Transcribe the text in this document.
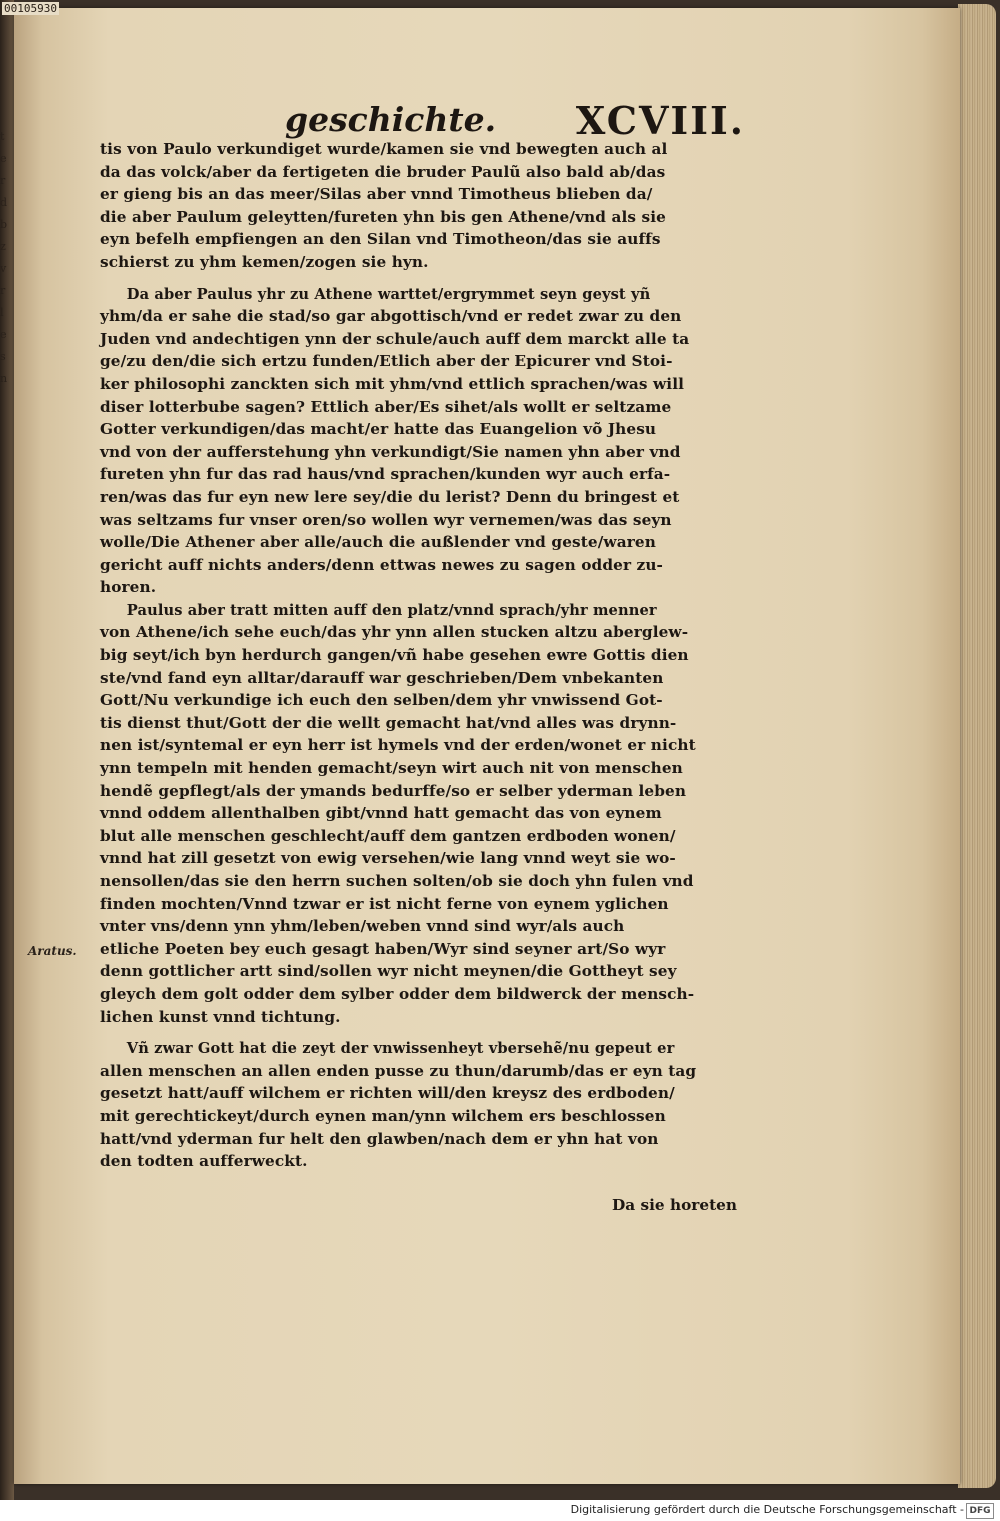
t
e
r
d
b
z
v
r
l
e
s
n
00105930
geschichte. XCVIII.
tis von Paulo verkundiget wurde/kamen sie vnd bewegten auch al
da das volck/aber da fertigeten die bruder Paulũ also bald ab/das
er gieng bis an das meer/Silas aber vnnd Timotheus blieben da/
die aber Paulum geleytten/fureten yhn bis gen Athene/vnd als sie
eyn befelh empfiengen an den Silan vnd Timotheon/das sie auffs
schierst zu yhm kemen/zogen sie hyn.
Da aber Paulus yhr zu Athene warttet/ergrymmet seyn geyst yñ
yhm/da er sahe die stad/so gar abgottisch/vnd er redet zwar zu den
Juden vnd andechtigen ynn der schule/auch auff dem marckt alle ta
ge/zu den/die sich ertzu funden/Etlich aber der Epicurer vnd Stoi-
ker philosophi zanckten sich mit yhm/vnd ettlich sprachen/was will
diser lotterbube sagen? Ettlich aber/Es sihet/als wollt er seltzame
Gotter verkundigen/das macht/er hatte das Euangelion võ Jhesu
vnd von der aufferstehung yhn verkundigt/Sie namen yhn aber vnd
fureten yhn fur das rad haus/vnd sprachen/kunden wyr auch erfa-
ren/was das fur eyn new lere sey/die du lerist? Denn du bringest et
was seltzams fur vnser oren/so wollen wyr vernemen/was das seyn
wolle/Die Athener aber alle/auch die außlender vnd geste/waren
gericht auff nichts anders/denn ettwas newes zu sagen odder zu-
horen.
Paulus aber tratt mitten auff den platz/vnnd sprach/yhr menner
von Athene/ich sehe euch/das yhr ynn allen stucken altzu aberglew-
big seyt/ich byn herdurch gangen/vñ habe gesehen ewre Gottis dien
ste/vnd fand eyn alltar/darauff war geschrieben/Dem vnbekanten
Gott/Nu verkundige ich euch den selben/dem yhr vnwissend Got-
tis dienst thut/Gott der die wellt gemacht hat/vnd alles was drynn-
nen ist/syntemal er eyn herr ist hymels vnd der erden/wonet er nicht
ynn tempeln mit henden gemacht/seyn wirt auch nit von menschen
hendẽ gepflegt/als der ymands bedurffe/so er selber yderman leben
vnnd oddem allenthalben gibt/vnnd hatt gemacht das von eynem
blut alle menschen geschlecht/auff dem gantzen erdboden wonen/
vnnd hat zill gesetzt von ewig versehen/wie lang vnnd weyt sie wo-
nensollen/das sie den herrn suchen solten/ob sie doch yhn fulen vnd
finden mochten/Vnnd tzwar er ist nicht ferne von eynem yglichen
vnter vns/denn ynn yhm/leben/weben vnnd sind wyr/als auch
etliche Poeten bey euch gesagt haben/Wyr sind seyner art/So wyr
denn gottlicher artt sind/sollen wyr nicht meynen/die Gottheyt sey
gleych dem golt odder dem sylber odder dem bildwerck der mensch-
lichen kunst vnnd tichtung.
Vñ zwar Gott hat die zeyt der vnwissenheyt vbersehẽ/nu gepeut er
allen menschen an allen enden pusse zu thun/darumb/das er eyn tag
gesetzt hatt/auff wilchem er richten will/den kreysz des erdboden/
mit gerechtickeyt/durch eynen man/ynn wilchem ers beschlossen
hatt/vnd yderman fur helt den glawben/nach dem er yhn hat von
den todten aufferweckt.
Aratus.
Da sie horeten
Digitalisierung gefördert durch die Deutsche Forschungsgemeinschaft - DFG
